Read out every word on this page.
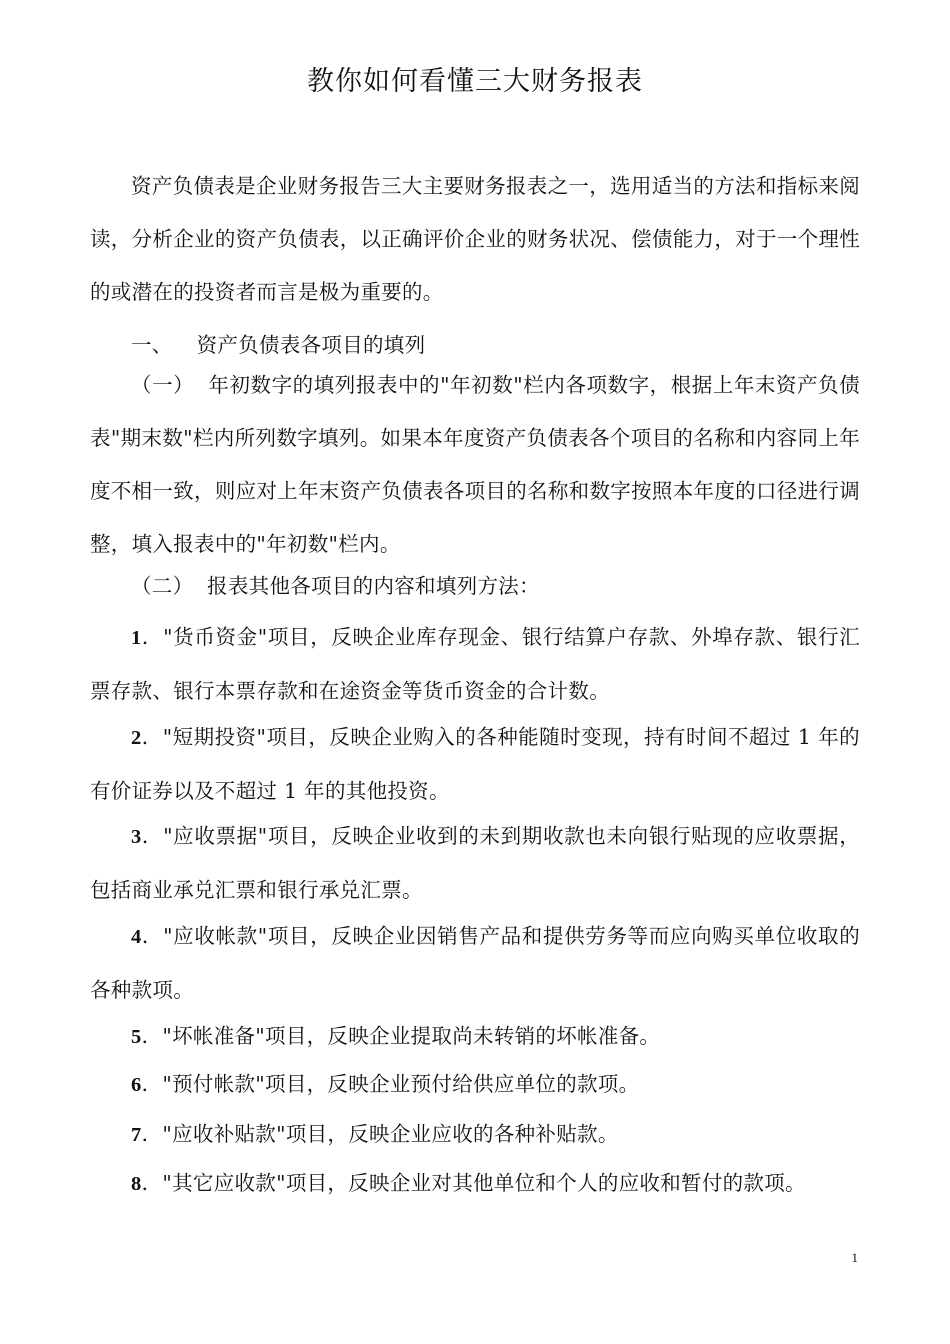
教你如何看懂三大财务报表

资产负债表是企业财务报告三大主要财务报表之一，选用适当的方法和指标来阅读，分析企业的资产负债表，以正确评价企业的财务状况、偿债能力，对于一个理性的或潜在的投资者而言是极为重要的。

一、 资产负债表各项目的填列

（一） 年初数字的填列报表中的"年初数"栏内各项数字，根据上年末资产负债表"期末数"栏内所列数字填列。如果本年度资产负债表各个项目的名称和内容同上年度不相一致，则应对上年末资产负债表各项目的名称和数字按照本年度的口径进行调整，填入报表中的"年初数"栏内。

（二） 报表其他各项目的内容和填列方法：

1．"货币资金"项目，反映企业库存现金、银行结算户存款、外埠存款、银行汇票存款、银行本票存款和在途资金等货币资金的合计数。

2．"短期投资"项目，反映企业购入的各种能随时变现，持有时间不超过 1 年的有价证券以及不超过 1 年的其他投资。

3．"应收票据"项目，反映企业收到的未到期收款也未向银行贴现的应收票据，包括商业承兑汇票和银行承兑汇票。

4．"应收帐款"项目，反映企业因销售产品和提供劳务等而应向购买单位收取的各种款项。

5．"坏帐准备"项目，反映企业提取尚未转销的坏帐准备。

6．"预付帐款"项目，反映企业预付给供应单位的款项。

7．"应收补贴款"项目，反映企业应收的各种补贴款。

8．"其它应收款"项目，反映企业对其他单位和个人的应收和暂付的款项。

1
